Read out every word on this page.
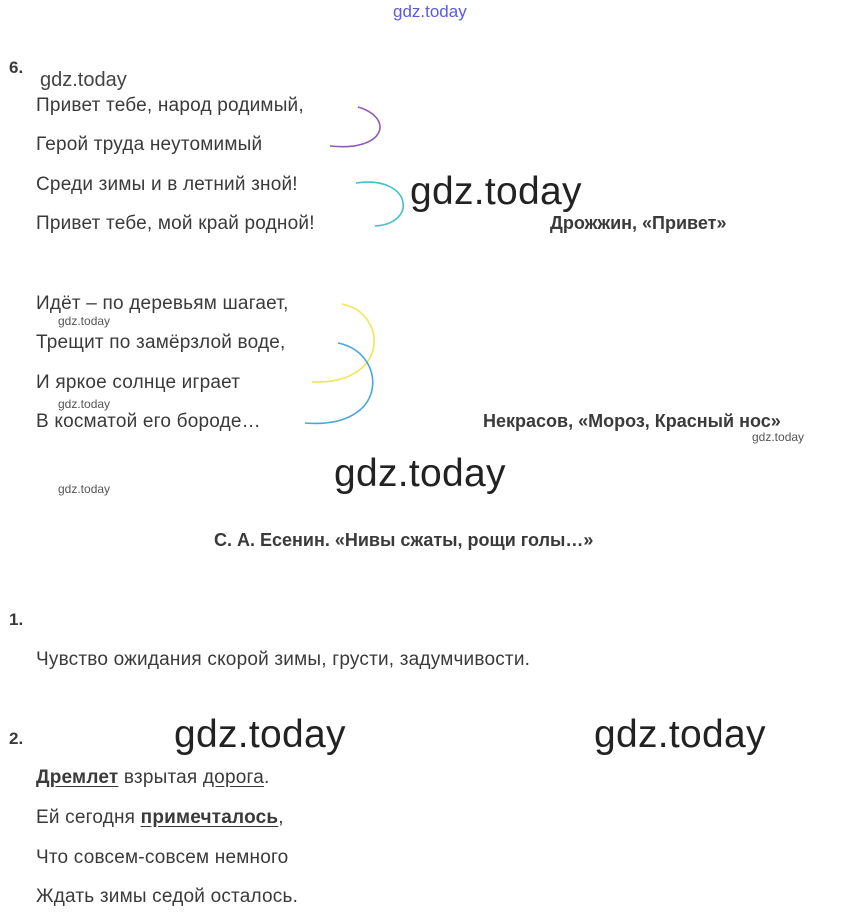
gdz.today
6.
gdz.today
Привет тебе, народ родимый,
Герой труда неутомимый
Среди зимы и в летний зной!
Привет тебе, мой край родной!
gdz.today
Дрожжин, «Привет»
Идёт – по деревьям шагает,
gdz.today
Трещит по замёрзлой воде,
И яркое солнце играет
gdz.today
В косматой его бороде…	Некрасов, «Мороз, Красный нос»
gdz.today
gdz.today
gdz.today
С. А. Есенин. «Нивы сжаты, рощи голы…»
1.
Чувство ожидания скорой зимы, грусти, задумчивости.
2.	gdz.today	gdz.today
Дремлет взрытая дорога.
Ей сегодня примечталось,
Что совсем-совсем немного
Ждать зимы седой осталось.
